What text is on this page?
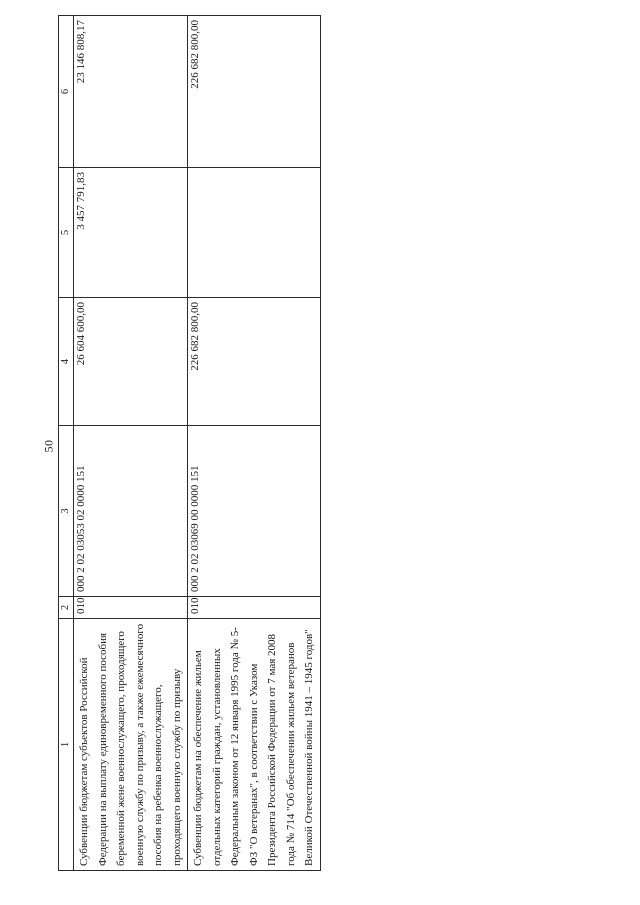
50
1	2	3	4	5	6
Субвенции бюджетам субъектов Российской Федерации на выплату единовременного пособия беременной жене военнослужащего, проходящего военную службу по призыву, а также ежемесячного пособия на ребенка военнослужащего, проходящего военную службу по призыву	010	000 2 02 03053 02 0000 151	26 604 600,00	3 457 791,83	23 146 808,17
Субвенции бюджетам на обеспечение жильем отдельных категорий граждан, установленных Федеральным законом от 12 января 1995 года № 5-ФЗ "О ветеранах", в соответствии с Указом Президента Российской Федерации от 7 мая 2008 года № 714 "Об обеспечении жильем ветеранов Великой Отечественной войны 1941 – 1945 годов"	010	000 2 02 03069 00 0000 151	226 682 800,00		226 682 800,00
